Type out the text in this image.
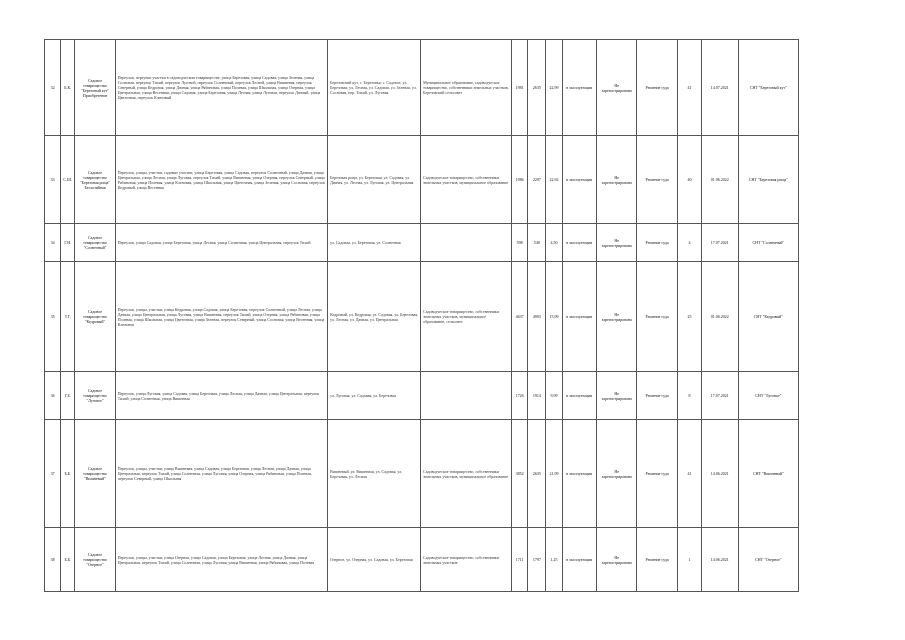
32	Б.К.	Садовое товарищество "Березовый кут" Приобретение	Переулок, переулки участки в садоводческом товариществе, улица Березовая, улица Садовая, улица Зеленая, улица Сосновая, переулок Тихий, переулок Луговой, переулок Солнечный, переулок Лесной, улица Вишневая, переулок Северный, улица Кедровая, улица Дачная, улица Рябиновая, улица Полевая, улица Школьная, улица Озерная, улица Центральная, улица Весенняя, улица Садовая, улица Березовая, улица Лесная, улица Луговая, переулок Дачный, улица Цветочная, переулок Кленовый	Березовский кут, с. Березовка; с. Садовое, ул. Березовая; ул. Лесная, ул. Садовая, ул. Зеленая, ул. Сосновая, пер. Тихий, ул. Луговая	Муниципальное образование, садоводческое товарищество, собственники земельных участков, Березовский сельсовет	1981	2635	22,99	в эксплуатации	Не зарегистрирована	Решение суда	41	14.07.2021	СНТ "Березовый кут"
33	С.Ш.	Садовое товарищество "Березовая роща" Бесхозяйная	Переулок, улицы, участки, садовые участки, улица Березовая, улица Садовая, переулок Солнечный, улица Дачная, улица Центральная, улица Лесная, улица Луговая, переулок Тихий, улица Вишневая, улица Озерная, переулок Северный, улица Рябиновая, улица Полевая, улица Кленовая, улица Школьная, улица Цветочная, улица Зеленая, улица Сосновая, переулок Кедровый, улица Весенняя	Березовая роща, ул. Березовая, ул. Садовая, ул. Дачная, ул. Лесная, ул. Луговая, ул. Центральная	Садоводческое товарищество, собственники земельных участков, муниципальное образование	1986	2297	22,92	в эксплуатации	Не зарегистрирована	Решение суда	40	01.06.2022	СНТ "Березовая роща"
34	Г.Н.	Садовое товарищество "Солнечный"	Переулок, улица Садовая, улица Березовая, улица Лесная, улица Солнечная, улица Центральная, переулок Тихий	ул. Садовая, ул. Березовая, ул. Солнечная		598	540	4,50	в эксплуатации	Не зарегистрирована	Решение суда	4	17.07.2021	СНТ "Солнечный"
35	Т.Г.	Садовое товарищество "Кедровый"	Переулок, улицы, участки, улица Кедровая, улица Садовая, улица Березовая, переулок Солнечный, улица Лесная, улица Дачная, улица Центральная, улица Луговая, улица Вишневая, переулок Тихий, улица Озерная, улица Рябиновая, улица Полевая, улица Школьная, улица Цветочная, улица Зеленая, переулок Северный, улица Сосновая, улица Весенняя, улица Кленовая	Кедровый, ул. Кедровая, ул. Садовая, ул. Березовая, ул. Лесная, ул. Дачная, ул. Центральная	Садоводческое товарищество, собственники земельных участков, муниципальное образование, сельсовет	4637	4903	15,99	в эксплуатации	Не зарегистрирована	Решение суда	25	01.06.2022	СНТ "Кедровый"
36	Г.Б.	Садовое товарищество "Луговое"	Переулок, улица Луговая, улица Садовая, улица Березовая, улица Лесная, улица Дачная, улица Центральная, переулок Тихий, улица Солнечная, улица Вишневая	ул. Луговая, ул. Садовая, ул. Березовая		1726	1914	9,99	в эксплуатации	Не зарегистрирована	Решение суда	8	17.07.2021	СНТ "Луговое"
37	Б.Б.	Садовое товарищество "Вишневый"	Переулок, улицы, участки, улица Вишневая, улица Садовая, улица Березовая, улица Лесная, улица Дачная, улица Центральная, переулок Тихий, улица Солнечная, улица Луговая, улица Озерная, улица Рябиновая, улица Полевая, переулок Северный, улица Школьная	Вишневый, ул. Вишневая, ул. Садовая, ул. Березовая, ул. Лесная	Садоводческое товарищество, собственники земельных участков, муниципальное образование	3852	2635	21,99	в эксплуатации	Не зарегистрирована	Решение суда	41	14.06.2021	СНТ "Вишневый"
38	Б.Б.	Садовое товарищество "Озерное"	Переулок, улицы, участки, улица Озерная, улица Садовая, улица Березовая, улица Лесная, улица Дачная, улица Центральная, переулок Тихий, улица Солнечная, улица Луговая, улица Вишневая, улица Рябиновая, улица Полевая	Озерное, ул. Озерная, ул. Садовая, ул. Березовая	Садоводческое товарищество, собственники земельных участков	1711	1797	1,25	в эксплуатации	Не зарегистрирована	Решение суда	1	14.06.2021	СНТ "Озерное"
